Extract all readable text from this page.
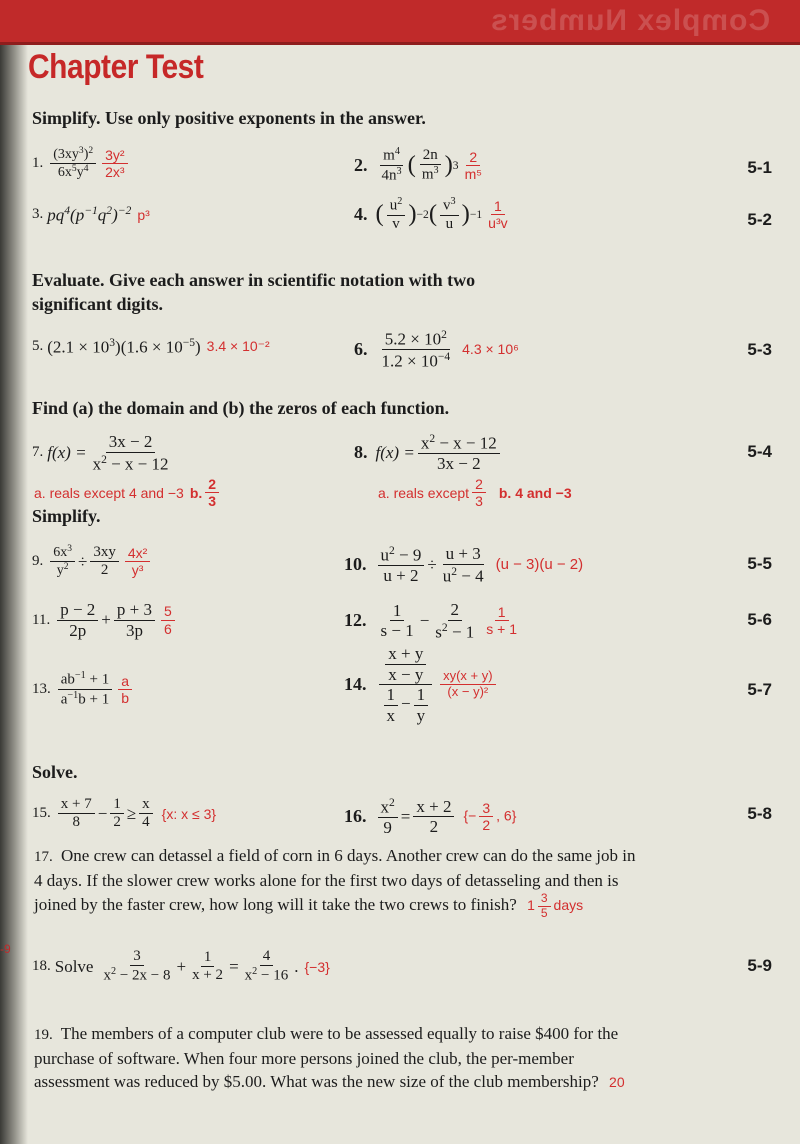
Complex Numbers
-9
Chapter Test
Simplify. Use only positive exponents in the answer.
1. $\frac{(3xy^3)^2}{6x^5y^4} \frac{\text{3y²}}{\text{2x³}}$	2. $\frac{m^4}{4n^3}$ ( $\frac{2n}{m^3}$ ) $3 \frac{2}{\text{m⁵}}$	5-1
3. $pq^4(p^{-1}q^2)^{-2}$ p³	4. ( $\frac{u^2}{v}$ ) −2 ( $\frac{v^3}{u}$ ) $-1 \frac{1}{\text{u³v}}$	5-2
Evaluate. Give each answer in scientific notation with two
significant digits.
5. $(2.1 \times 10^3)(1.6 \times 10^{-5})$ 3.4 × 10⁻²	6. $\frac{5.2 \times 10^2}{1.2 \times 10^{-4}} 4.3 \times 10^6$	5-3
Find (a) the domain and (b) the zeros of each function.
7. $f(x) = \frac{3x - 2}{x^2 - x - 12}$	8. $f(x) = \frac{x^2 - x - 12}{3x - 2}$	5-4
a. reals except 4 and −3 b. $\frac{2}{3}$	a. reals except $\frac{2}{3} b$. 4 and −3
Simplify.
9. $\frac{6x^3}{y^2} \div \frac{3xy}{2} \frac{\text{4x²}}{\text{y³}}$	10. $\frac{u^2 - 9}{u + 2} \div \frac{u + 3}{u^2 - 4} (u - 3)(u - 2)$	5-5
11. $\frac{p - 2}{2p} + \frac{p + 3}{3p} \frac{5}{6}$	12. $\frac{1}{s - 1} - \frac{2}{s^2 - 1} \frac{1}{s + 1}$	5-6
13. $\frac{ab^{-1} + 1}{a^{-1}b + 1} \frac{a}{b}$	14. $\frac{\frac{x + y}{x - y}}{\frac{1}{x} - \frac{1}{y}} \frac{xy(x + y)}{\text{(x − y)²}}$	5-7
Solve.
15. $\frac{x + 7}{8} - \frac{1}{2} \ge \frac{x}{4} \{x$: x ≤ 3}	16. $\frac{x^2}{9} = \frac{x + 2}{2}$ {− $\frac{3}{2}$ , 6}	5-8
17. One crew can detassel a field of corn in 6 days. Another crew can do the same job in 4 days. If the slower crew works alone for the first two days of detasseling and then is joined by the faster crew, how long will it take the two crews to finish? $1 \frac{3}{5}$ days
18. Solve $\frac{3}{x^2 - 2x - 8} + \frac{1}{x + 2} = \frac{4}{x^2 - 16}$ . {−3}	5-9
19. The members of a computer club were to be assessed equally to raise $400 for the purchase of software. When four more persons joined the club, the per-member assessment was reduced by $5.00. What was the new size of the club membership? 20
